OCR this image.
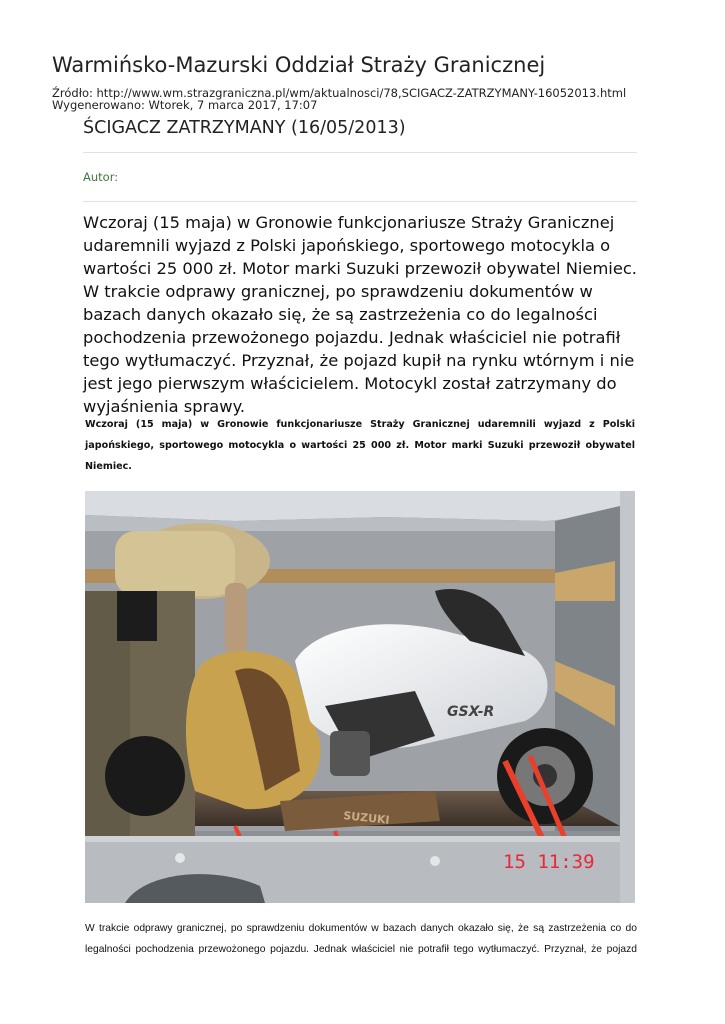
Warmińsko-Mazurski Oddział Straży Granicznej
Źródło: http://www.wm.strazgraniczna.pl/wm/aktualnosci/78,SCIGACZ-ZATRZYMANY-16052013.html
Wygenerowano: Wtorek, 7 marca 2017, 17:07
ŚCIGACZ ZATRZYMANY (16/05/2013)
Autor:
Wczoraj (15 maja) w Gronowie funkcjonariusze Straży Granicznej udaremnili wyjazd z Polski japońskiego, sportowego motocykla o wartości 25 000 zł. Motor marki Suzuki przewoził obywatel Niemiec. W trakcie odprawy granicznej, po sprawdzeniu dokumentów w bazach danych okazało się, że są zastrzeżenia co do legalności pochodzenia przewożonego pojazdu. Jednak właściciel nie potrafił tego wytłumaczyć. Przyznał, że pojazd kupił na rynku wtórnym i nie jest jego pierwszym właścicielem. Motocykl został zatrzymany do wyjaśnienia sprawy.
Wczoraj (15 maja) w Gronowie funkcjonariusze Straży Granicznej udaremnili wyjazd z Polski japońskiego, sportowego motocykla o wartości 25 000 zł. Motor marki Suzuki przewoził obywatel Niemiec.
GSX-R
SUZUKI
15 11:39
W trakcie odprawy granicznej, po sprawdzeniu dokumentów w bazach danych okazało się, że są zastrzeżenia co do legalności pochodzenia przewożonego pojazdu. Jednak właściciel nie potrafił tego wytłumaczyć. Przyznał, że pojazd
